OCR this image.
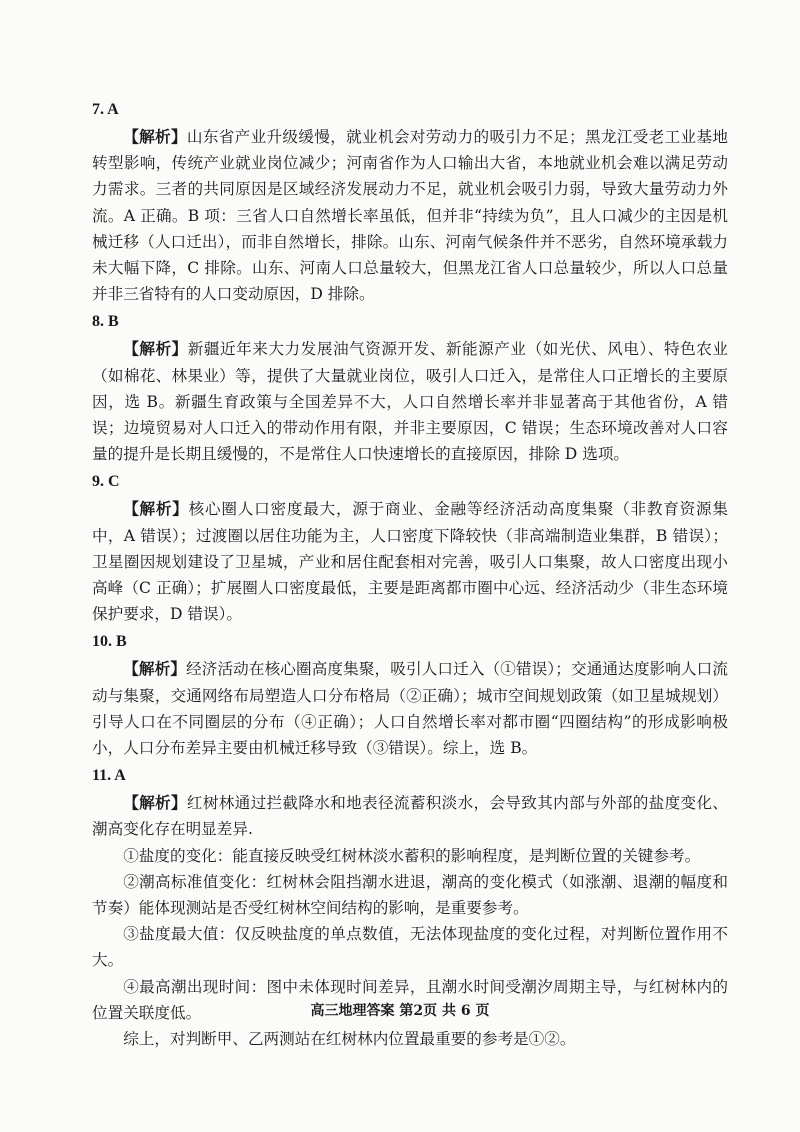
7. A

【解析】山东省产业升级缓慢，就业机会对劳动力的吸引力不足；黑龙江受老工业基地转型影响，传统产业就业岗位减少；河南省作为人口输出大省，本地就业机会难以满足劳动力需求。三者的共同原因是区域经济发展动力不足，就业机会吸引力弱，导致大量劳动力外流。A 正确。B 项：三省人口自然增长率虽低，但并非“持续为负”，且人口减少的主因是机械迁移（人口迁出），而非自然增长，排除。山东、河南气候条件并不恶劣，自然环境承载力未大幅下降，C 排除。山东、河南人口总量较大，但黑龙江省人口总量较少，所以人口总量并非三省特有的人口变动原因，D 排除。

8. B

【解析】新疆近年来大力发展油气资源开发、新能源产业（如光伏、风电）、特色农业（如棉花、林果业）等，提供了大量就业岗位，吸引人口迁入，是常住人口正增长的主要原因，选 B。新疆生育政策与全国差异不大，人口自然增长率并非显著高于其他省份，A 错误；边境贸易对人口迁入的带动作用有限，并非主要原因，C 错误；生态环境改善对人口容量的提升是长期且缓慢的，不是常住人口快速增长的直接原因，排除 D 选项。

9. C

【解析】核心圈人口密度最大，源于商业、金融等经济活动高度集聚（非教育资源集中，A 错误）；过渡圈以居住功能为主，人口密度下降较快（非高端制造业集群，B 错误）；卫星圈因规划建设了卫星城，产业和居住配套相对完善，吸引人口集聚，故人口密度出现小高峰（C 正确）；扩展圈人口密度最低，主要是距离都市圈中心远、经济活动少（非生态环境保护要求，D 错误）。

10. B

【解析】经济活动在核心圈高度集聚，吸引人口迁入（①错误）；交通通达度影响人口流动与集聚，交通网络布局塑造人口分布格局（②正确）；城市空间规划政策（如卫星城规划）引导人口在不同圈层的分布（④正确）；人口自然增长率对都市圈“四圈结构”的形成影响极小，人口分布差异主要由机械迁移导致（③错误）。综上，选 B。

11. A

【解析】红树林通过拦截降水和地表径流蓄积淡水，会导致其内部与外部的盐度变化、潮高变化存在明显差异.

①盐度的变化：能直接反映受红树林淡水蓄积的影响程度，是判断位置的关键参考。

②潮高标准值变化：红树林会阻挡潮水进退，潮高的变化模式（如涨潮、退潮的幅度和节奏）能体现测站是否受红树林空间结构的影响，是重要参考。

③盐度最大值：仅反映盐度的单点数值，无法体现盐度的变化过程，对判断位置作用不大。

④最高潮出现时间：图中未体现时间差异，且潮水时间受潮汐周期主导，与红树林内的位置关联度低。

综上，对判断甲、乙两测站在红树林内位置最重要的参考是①②。

高三地理答案 第2页 共 6 页
